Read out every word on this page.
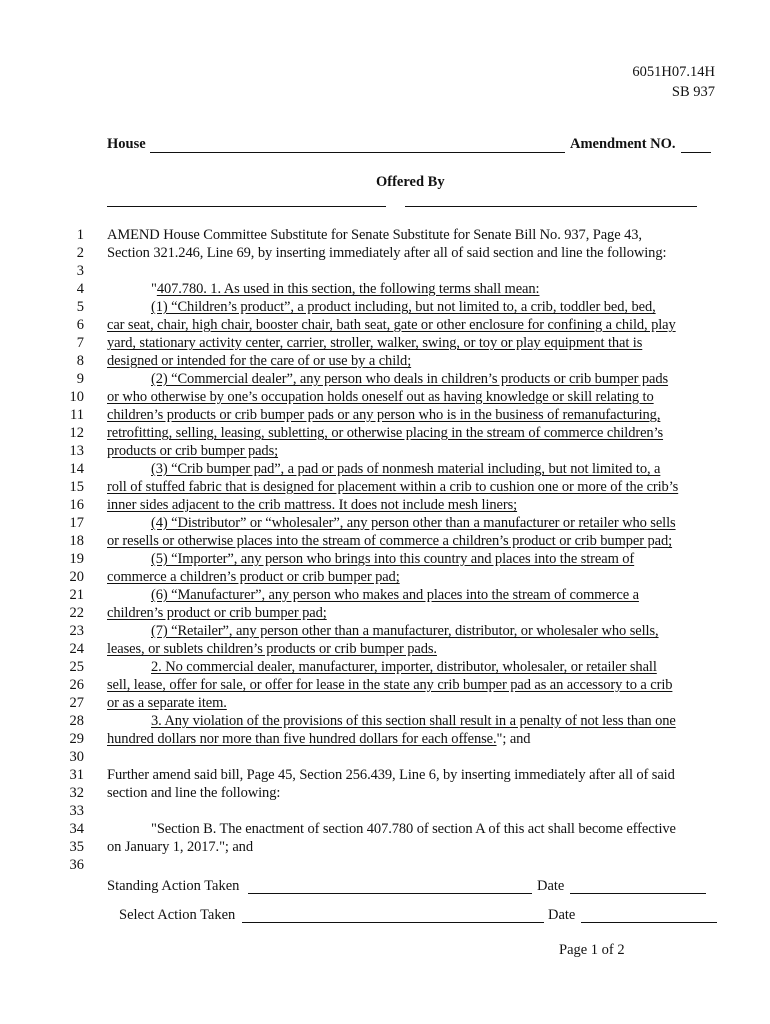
6051H07.14H
SB 937
House	Amendment NO.
Offered By
1 AMEND House Committee Substitute for Senate Substitute for Senate Bill No. 937, Page 43,
2 Section 321.246, Line 69, by inserting immediately after all of said section and line the following:
3
4	"407.780. 1. As used in this section, the following terms shall mean:
5	(1) “Children’s product”, a product including, but not limited to, a crib, toddler bed, bed,
6 car seat, chair, high chair, booster chair, bath seat, gate or other enclosure for confining a child, play
7 yard, stationary activity center, carrier, stroller, walker, swing, or toy or play equipment that is
8 designed or intended for the care of or use by a child;
9	(2) “Commercial dealer”, any person who deals in children’s products or crib bumper pads
10 or who otherwise by one’s occupation holds oneself out as having knowledge or skill relating to
11 children’s products or crib bumper pads or any person who is in the business of remanufacturing,
12 retrofitting, selling, leasing, subletting, or otherwise placing in the stream of commerce children’s
13 products or crib bumper pads;
14	(3) “Crib bumper pad”, a pad or pads of nonmesh material including, but not limited to, a
15 roll of stuffed fabric that is designed for placement within a crib to cushion one or more of the crib’s
16 inner sides adjacent to the crib mattress. It does not include mesh liners;
17	(4) “Distributor” or “wholesaler”, any person other than a manufacturer or retailer who sells
18 or resells or otherwise places into the stream of commerce a children’s product or crib bumper pad;
19	(5) “Importer”, any person who brings into this country and places into the stream of
20 commerce a children’s product or crib bumper pad;
21	(6) “Manufacturer”, any person who makes and places into the stream of commerce a
22 children’s product or crib bumper pad;
23	(7) “Retailer”, any person other than a manufacturer, distributor, or wholesaler who sells,
24 leases, or sublets children’s products or crib bumper pads.
25	2. No commercial dealer, manufacturer, importer, distributor, wholesaler, or retailer shall
26 sell, lease, offer for sale, or offer for lease in the state any crib bumper pad as an accessory to a crib
27 or as a separate item.
28	3. Any violation of the provisions of this section shall result in a penalty of not less than one
29 hundred dollars nor more than five hundred dollars for each offense."; and
30
31 Further amend said bill, Page 45, Section 256.439, Line 6, by inserting immediately after all of said
32 section and line the following:
33
34	"Section B. The enactment of section 407.780 of section A of this act shall become effective
35 on January 1, 2017."; and
36
Standing Action Taken	Date
Select Action Taken	Date
Page 1 of 2
